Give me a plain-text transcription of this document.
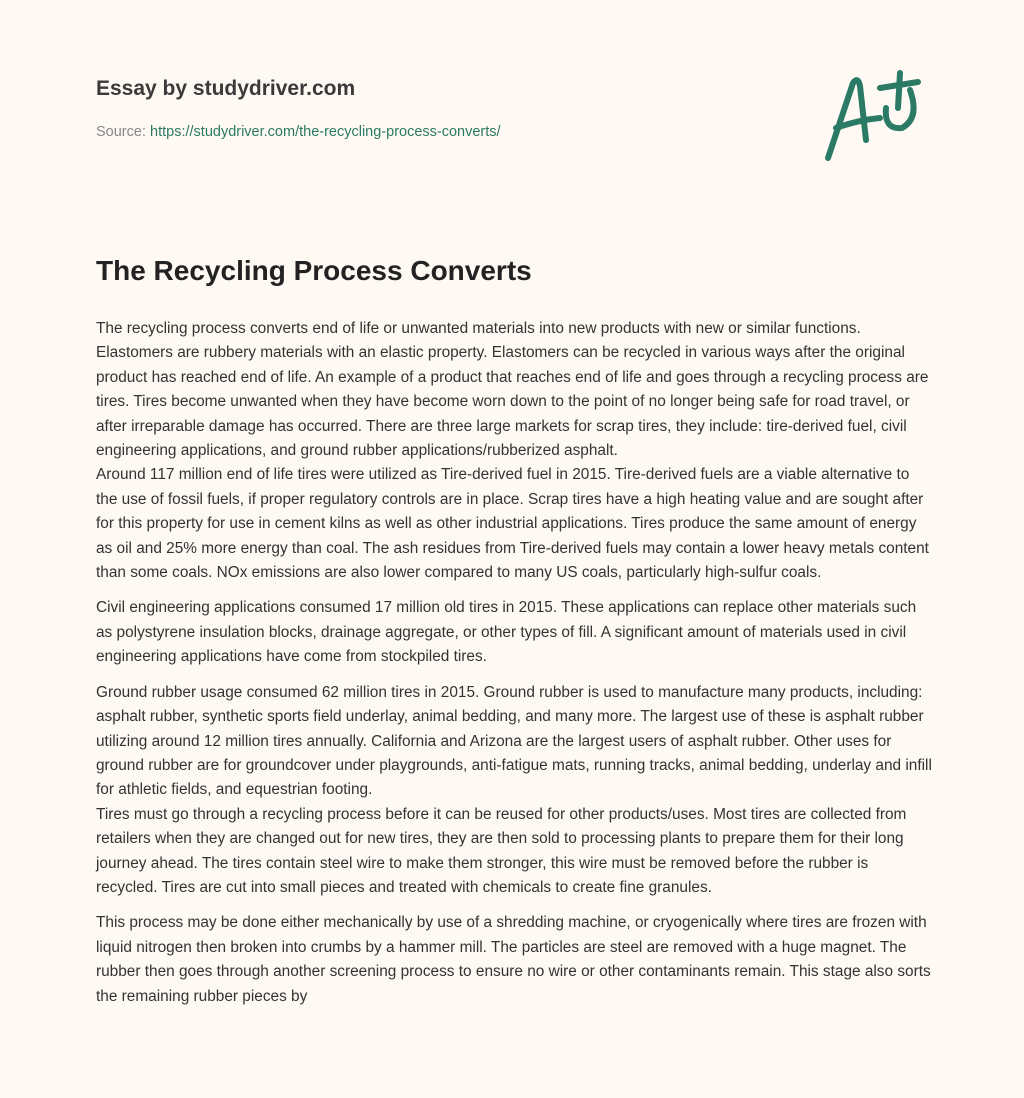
Essay by studydriver.com
Source: https://studydriver.com/the-recycling-process-converts/
The Recycling Process Converts

The recycling process converts end of life or unwanted materials into new products with new or similar functions. Elastomers are rubbery materials with an elastic property. Elastomers can be recycled in various ways after the original product has reached end of life. An example of a product that reaches end of life and goes through a recycling process are tires. Tires become unwanted when they have become worn down to the point of no longer being safe for road travel, or after irreparable damage has occurred. There are three large markets for scrap tires, they include: tire-derived fuel, civil engineering applications, and ground rubber applications/rubberized asphalt.
Around 117 million end of life tires were utilized as Tire-derived fuel in 2015. Tire-derived fuels are a viable alternative to the use of fossil fuels, if proper regulatory controls are in place. Scrap tires have a high heating value and are sought after for this property for use in cement kilns as well as other industrial applications. Tires produce the same amount of energy as oil and 25% more energy than coal. The ash residues from Tire-derived fuels may contain a lower heavy metals content than some coals. NOx emissions are also lower compared to many US coals, particularly high-sulfur coals.

Civil engineering applications consumed 17 million old tires in 2015. These applications can replace other materials such as polystyrene insulation blocks, drainage aggregate, or other types of fill. A significant amount of materials used in civil engineering applications have come from stockpiled tires.

Ground rubber usage consumed 62 million tires in 2015. Ground rubber is used to manufacture many products, including: asphalt rubber, synthetic sports field underlay, animal bedding, and many more. The largest use of these is asphalt rubber utilizing around 12 million tires annually. California and Arizona are the largest users of asphalt rubber. Other uses for ground rubber are for groundcover under playgrounds, anti-fatigue mats, running tracks, animal bedding, underlay and infill for athletic fields, and equestrian footing.
Tires must go through a recycling process before it can be reused for other products/uses. Most tires are collected from retailers when they are changed out for new tires, they are then sold to processing plants to prepare them for their long journey ahead. The tires contain steel wire to make them stronger, this wire must be removed before the rubber is recycled. Tires are cut into small pieces and treated with chemicals to create fine granules.

This process may be done either mechanically by use of a shredding machine, or cryogenically where tires are frozen with liquid nitrogen then broken into crumbs by a hammer mill. The particles are steel are removed with a huge magnet. The rubber then goes through another screening process to ensure no wire or other contaminants remain. This stage also sorts the remaining rubber pieces by
